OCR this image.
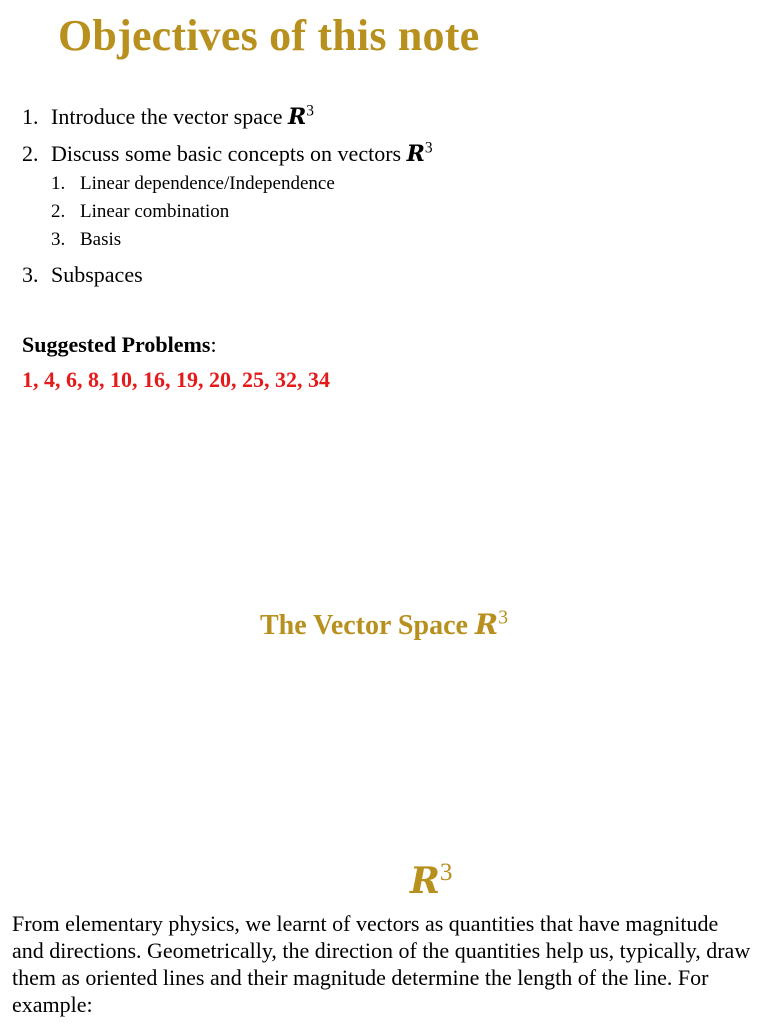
Objectives of this note
1. Introduce the vector space $R^3$
2. Discuss some basic concepts on vectors $R^3$
1. Linear dependence/Independence
2. Linear combination
3. Basis
3. Subspaces
Suggested Problems:
1, 4, 6, 8, 10, 16, 19, 20, 25, 32, 34
The Vector Space $R^3$
$R^3$
From elementary physics, we learnt of vectors as quantities that have magnitude and directions. Geometrically, the direction of the quantities help us, typically, draw them as oriented lines and their magnitude determine the length of the line. For example:
